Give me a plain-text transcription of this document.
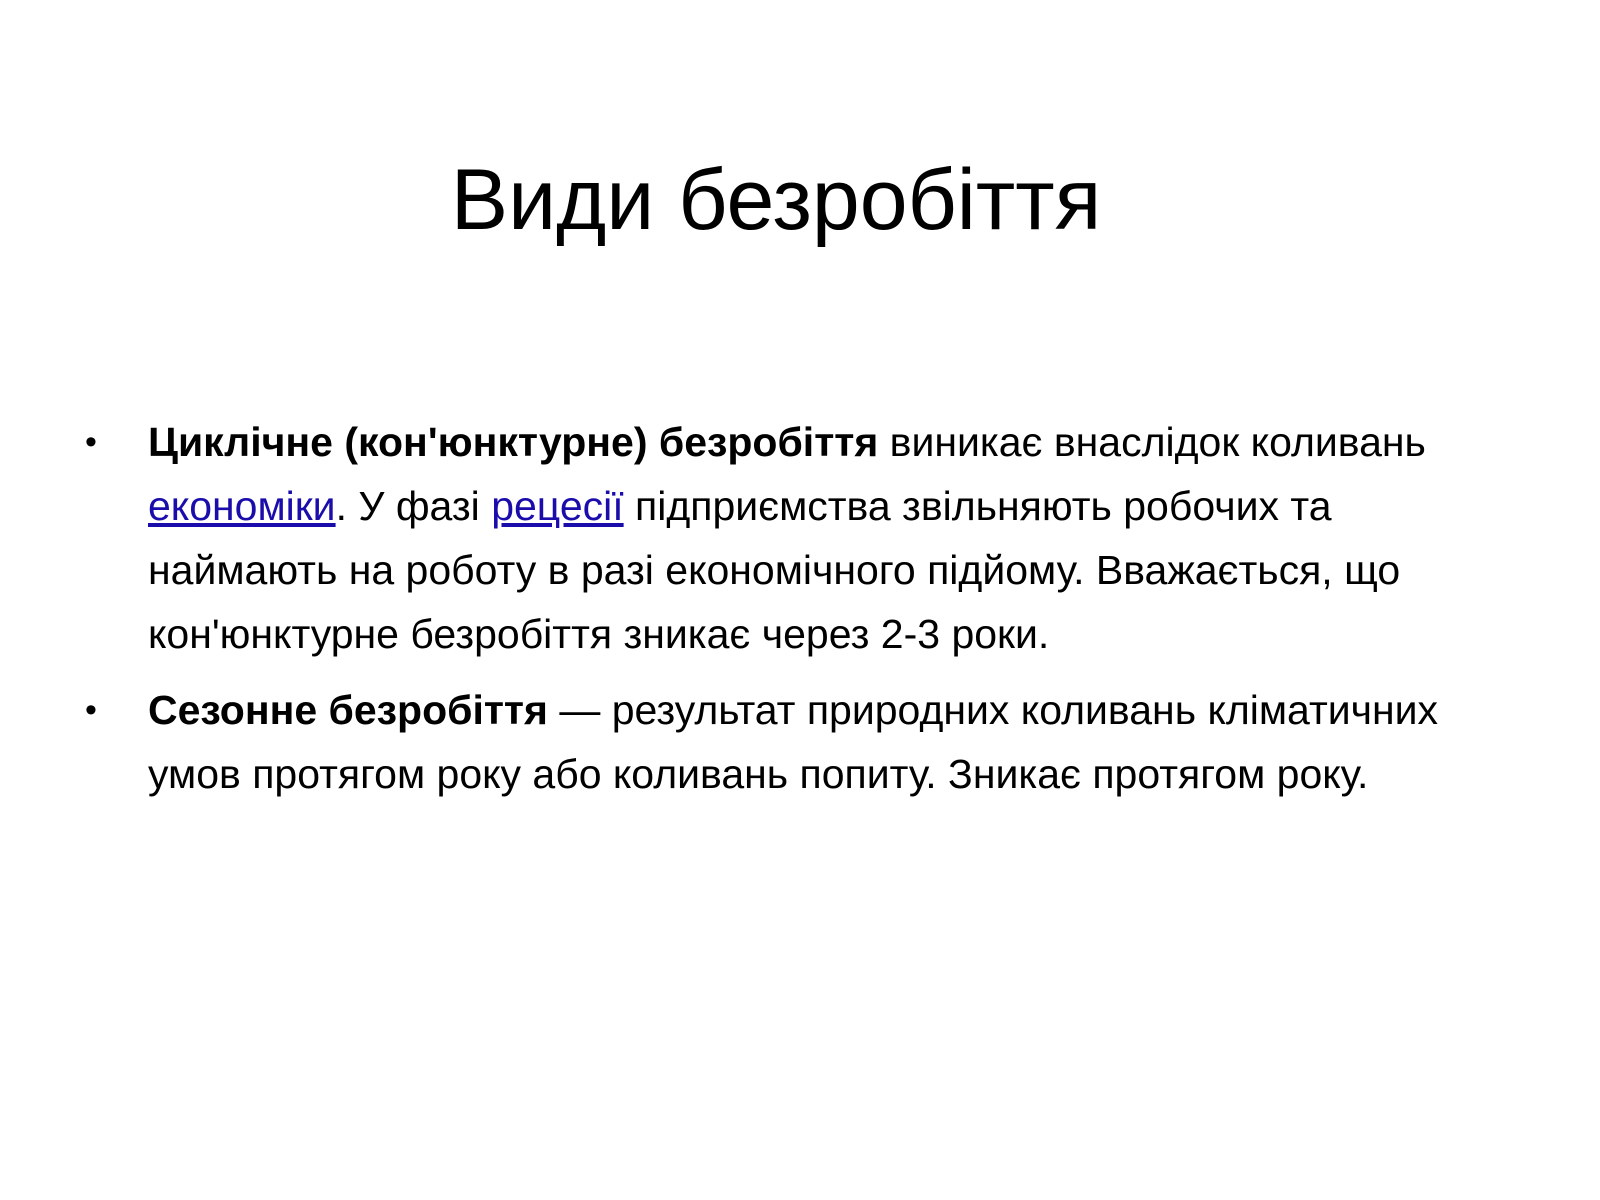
Види безробіття
• Циклічне (кон'юнктурне) безробіття виникає внаслідок коливань економіки. У фазі рецесії підприємства звільняють робочих та наймають на роботу в разі економічного підйому. Вважається, що кон'юнктурне безробіття зникає через 2-3 роки.
• Сезонне безробіття — результат природних коливань кліматичних умов протягом року або коливань попиту. Зникає протягом року.
